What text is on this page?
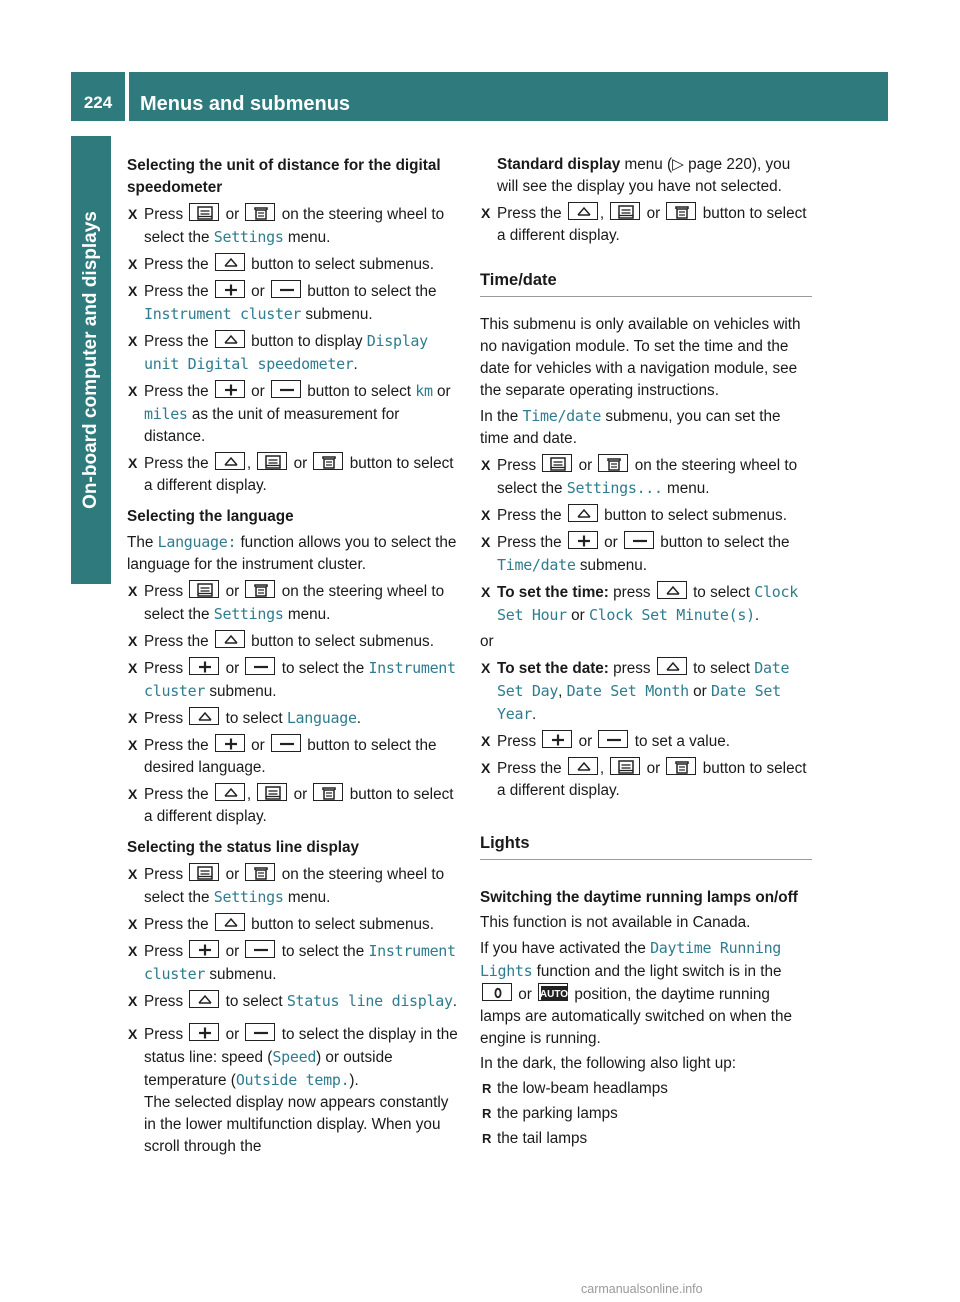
224	Menus and submenus
On-board computer and displays
Selecting the unit of distance for the digital speedometer
X Press	or	on the steering wheel to select the Settings menu.
X Press the	button to select submenus.
X Press the	or	button to select the Instrument cluster submenu.
X Press the	button to display Display unit Digital speedometer.
X Press the	or	button to select km or miles as the unit of measurement for distance.
X Press the	,	or	button to select a different display.
Selecting the language
The Language: function allows you to select the language for the instrument cluster.
X Press	or	on the steering wheel to select the Settings menu.
X Press the	button to select submenus.
X Press	or	to select the Instrument cluster submenu.
X Press	to select Language.
X Press the	or	button to select the desired language.
X Press the	,	or	button to select a different display.
Selecting the status line display
X Press	or	on the steering wheel to select the Settings menu.
X Press the	button to select submenus.
X Press	or	to select the Instrument cluster submenu.
X Press	to select Status line display.
X Press	or	to select the display in the status line: speed (Speed) or outside temperature (Outside temp.).
The selected display now appears constantly in the lower multifunction display. When you scroll through the
Standard display menu (▷ page 220), you will see the display you have not selected.
X Press the	,	or	button to select a different display.
Time/date
This submenu is only available on vehicles with no navigation module. To set the time and the date for vehicles with a navigation module, see the separate operating instructions.
In the Time/date submenu, you can set the time and date.
X Press	or	on the steering wheel to select the Settings... menu.
X Press the	button to select submenus.
X Press the	or	button to select the Time/date submenu.
X To set the time: press	to select Clock Set Hour or Clock Set Minute(s).
or
X To set the date: press	to select Date Set Day, Date Set Month or Date Set Year.
X Press	or	to set a value.
X Press the	,	or	button to select a different display.
Lights
Switching the daytime running lamps on/off
This function is not available in Canada.
If you have activated the Daytime Running Lights function and the light switch is in the  or	position, the daytime running lamps are automatically switched on when the engine is running.
In the dark, the following also light up:
R the low-beam headlamps
R the parking lamps
R the tail lamps
carmanualsonline.info
